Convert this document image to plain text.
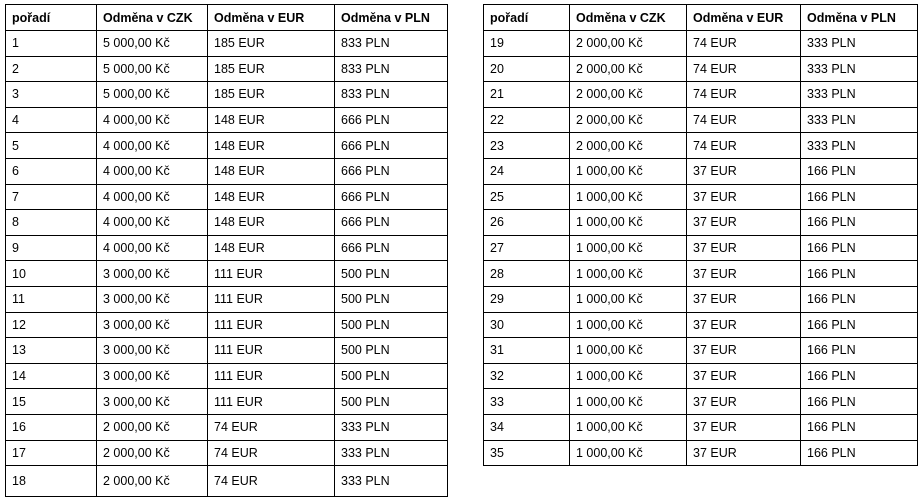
pořadí	Odměna v CZK	Odměna v EUR	Odměna v PLN
1	5 000,00 Kč	185 EUR	833 PLN
2	5 000,00 Kč	185 EUR	833 PLN
3	5 000,00 Kč	185 EUR	833 PLN
4	4 000,00 Kč	148 EUR	666 PLN
5	4 000,00 Kč	148 EUR	666 PLN
6	4 000,00 Kč	148 EUR	666 PLN
7	4 000,00 Kč	148 EUR	666 PLN
8	4 000,00 Kč	148 EUR	666 PLN
9	4 000,00 Kč	148 EUR	666 PLN
10	3 000,00 Kč	111 EUR	500 PLN
11	3 000,00 Kč	111 EUR	500 PLN
12	3 000,00 Kč	111 EUR	500 PLN
13	3 000,00 Kč	111 EUR	500 PLN
14	3 000,00 Kč	111 EUR	500 PLN
15	3 000,00 Kč	111 EUR	500 PLN
16	2 000,00 Kč	74 EUR	333 PLN
17	2 000,00 Kč	74 EUR	333 PLN
18	2 000,00 Kč	74 EUR	333 PLN
pořadí	Odměna v CZK	Odměna v EUR	Odměna v PLN
19	2 000,00 Kč	74 EUR	333 PLN
20	2 000,00 Kč	74 EUR	333 PLN
21	2 000,00 Kč	74 EUR	333 PLN
22	2 000,00 Kč	74 EUR	333 PLN
23	2 000,00 Kč	74 EUR	333 PLN
24	1 000,00 Kč	37 EUR	166 PLN
25	1 000,00 Kč	37 EUR	166 PLN
26	1 000,00 Kč	37 EUR	166 PLN
27	1 000,00 Kč	37 EUR	166 PLN
28	1 000,00 Kč	37 EUR	166 PLN
29	1 000,00 Kč	37 EUR	166 PLN
30	1 000,00 Kč	37 EUR	166 PLN
31	1 000,00 Kč	37 EUR	166 PLN
32	1 000,00 Kč	37 EUR	166 PLN
33	1 000,00 Kč	37 EUR	166 PLN
34	1 000,00 Kč	37 EUR	166 PLN
35	1 000,00 Kč	37 EUR	166 PLN
